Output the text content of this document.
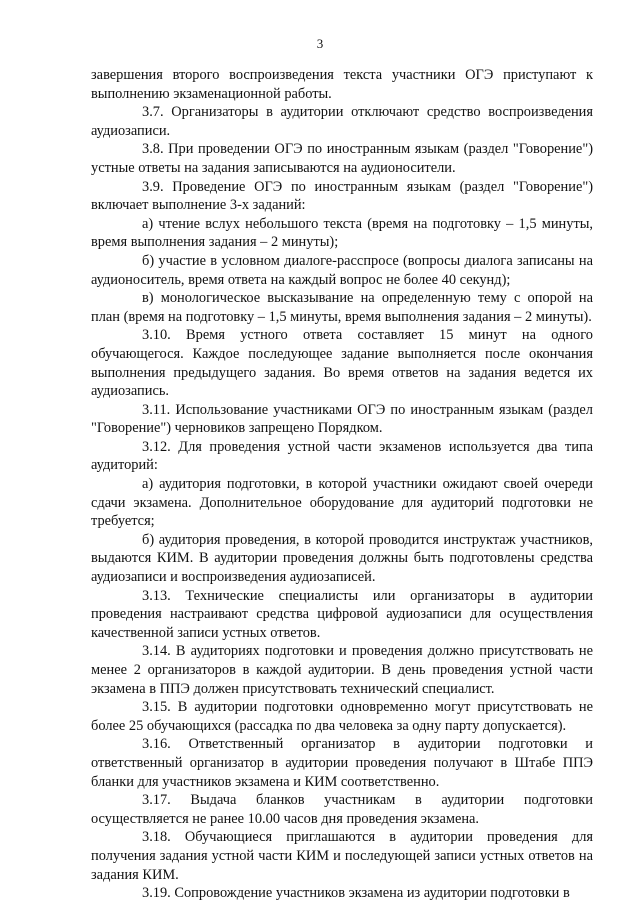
3

завершения второго воспроизведения текста участники ОГЭ приступают к выполнению экзаменационной работы.

3.7. Организаторы в аудитории отключают средство воспроизведения аудиозаписи.

3.8. При проведении ОГЭ по иностранным языкам (раздел "Говорение") устные ответы на задания записываются на аудионосители.

3.9. Проведение ОГЭ по иностранным языкам (раздел "Говорение") включает выполнение 3-х заданий:

а) чтение вслух небольшого текста (время на подготовку – 1,5 минуты, время выполнения задания – 2 минуты);

б) участие в условном диалоге-расспросе (вопросы диалога записаны на аудионоситель, время ответа на каждый вопрос не более 40 секунд);

в) монологическое высказывание на определенную тему с опорой на план (время на подготовку – 1,5 минуты, время выполнения задания – 2 минуты).

3.10. Время устного ответа составляет 15 минут на одного обучающегося. Каждое последующее задание выполняется после окончания выполнения предыдущего задания. Во время ответов на задания ведется их аудиозапись.

3.11. Использование участниками ОГЭ по иностранным языкам (раздел "Говорение") черновиков запрещено Порядком.

3.12. Для проведения устной части экзаменов используется два типа аудиторий:

а) аудитория подготовки, в которой участники ожидают своей очереди сдачи экзамена. Дополнительное оборудование для аудиторий подготовки не требуется;

б) аудитория проведения, в которой проводится инструктаж участников, выдаются КИМ. В аудитории проведения должны быть подготовлены средства аудиозаписи и воспроизведения аудиозаписей.

3.13. Технические специалисты или организаторы в аудитории проведения настраивают средства цифровой аудиозаписи для осуществления качественной записи устных ответов.

3.14. В аудиториях подготовки и проведения должно присутствовать не менее 2 организаторов в каждой аудитории. В день проведения устной части экзамена в ППЭ должен присутствовать технический специалист.

3.15. В аудитории подготовки одновременно могут присутствовать не более 25 обучающихся (рассадка по два человека за одну парту допускается).

3.16. Ответственный организатор в аудитории подготовки и ответственный организатор в аудитории проведения получают в Штабе ППЭ бланки для участников экзамена и КИМ соответственно.

3.17. Выдача бланков участникам в аудитории подготовки осуществляется не ранее 10.00 часов дня проведения экзамена.

3.18. Обучающиеся приглашаются в аудитории проведения для получения задания устной части КИМ и последующей записи устных ответов на задания КИМ.

3.19. Сопровождение участников экзамена из аудитории подготовки в
